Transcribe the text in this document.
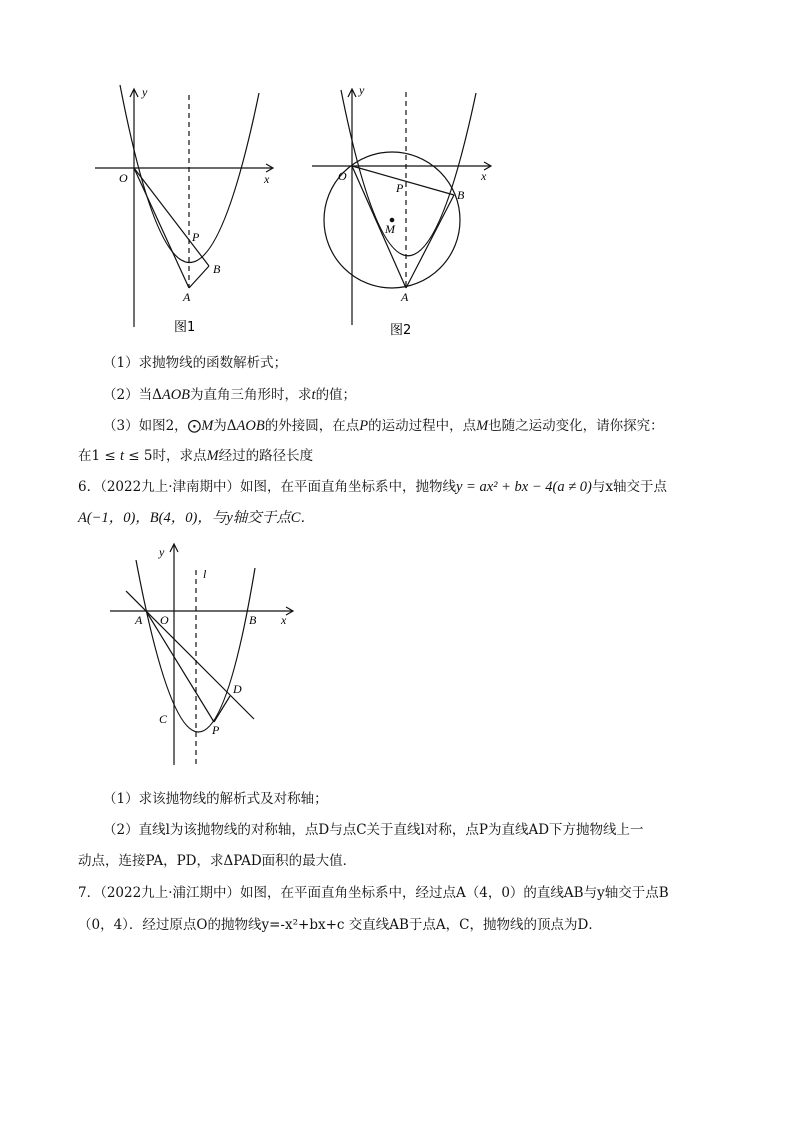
y
x
O
P
B
A
图1
y
x
O
P	B
M
A
图2
（1）求抛物线的函数解析式；
（2）当ΔAOB为直角三角形时，求t的值；
（3）如图2，⨀M为ΔAOB的外接圆，在点P的运动过程中，点M也随之运动变化，请你探究：
在1 ≤ t ≤ 5时，求点M经过的路径长度
6．（2022九上·津南期中）如图，在平面直角坐标系中，抛物线y = ax² + bx − 4(a ≠ 0)与x轴交于点
A(−1，0)，B(4，0)，与y轴交于点C．
y
l
A O	B x
D
C
P
（1）求该抛物线的解析式及对称轴；
（2）直线l为该抛物线的对称轴，点D与点C关于直线l对称，点P为直线AD下方抛物线上一
动点，连接PA，PD，求ΔPAD面积的最大值．
7．（2022九上·浦江期中）如图，在平面直角坐标系中，经过点A（4，0）的直线AB与y轴交于点B
（0，4）．经过原点O的抛物线y=-x²+bx+c 交直线AB于点A，C，抛物线的顶点为D．
